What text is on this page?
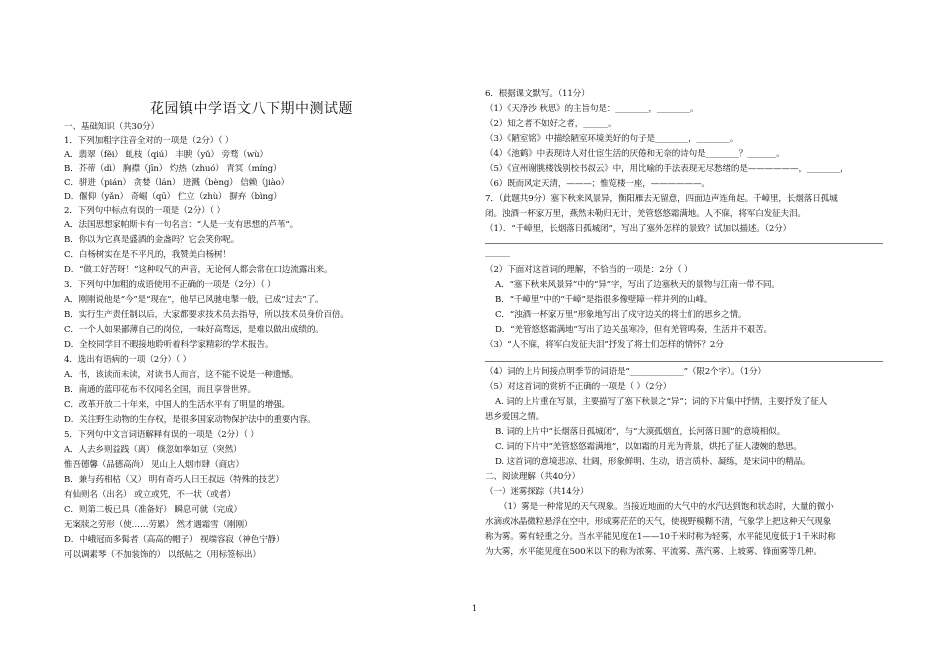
花园镇中学语文八下期中测试题
一、基础知识（共30分）
1．下列加粗字注音全对的一项是（2分）（ ）
A．翡翠（fěi） 虬枝（qiú） 丰腴（yǔ） 旁骛（wù）
B．芥蒂（dì） 胸襟（jīn） 灼热（zhuó） 青冥（míng）
C．骈进（pián） 贪婪（lán） 迸溅（bèng） 信赖（jiào）
D．偃仰（yǎn） 奇崛（qū） 伫立（zhù） 摒弃（bìng）
2．下列句中标点有误的一项是（2分）（ ）
A．法国思想家帕斯卡有一句名言：“人是一支有思想的芦苇”。
B．你以为它真是盛酒的金盏吗？它会笑你呢。
C．白杨树实在是不平凡的，我赞美白杨树！
D．“做工好苦呀！”这种叹气的声音，无论何人都会常在口边流露出来。
3．下列句中加粗的成语使用不正确的一项是（2分）（ ）
A．刚刚说他是“今”是“现在”，他早已风驰电掣一般，已成“过去”了。
B．实行生产责任制以后，大家都要求技术员去指导，所以技术员身价百倍。
C．一个人如果鄙薄自己的岗位，一味好高骛远，是难以做出成绩的。
D．全校同学目不暇接地聆听着科学家精彩的学术报告。
4．选出有语病的一项（2分）（ ）
A．书，该读而未读，对读书人而言，这不能不说是一种遗憾。
B．南通的蓝印花布不仅闻名全国，而且享誉世界。
C．改革开放二十年来，中国人的生活水平有了明显的增强。
D．关注野生动物的生存权，是很多国家动物保护法中的重要内容。
5．下列句中文言词语解释有误的一项是（2分）（ ）
A．人去乡则益践（离） 倏忽如拳如豆（突然）
惟吾德馨（品德高尚） 见山上人烟市肆（商店）
B．兼与药相枯（又） 明有奇巧人曰王叔远（特殊的技艺）
有仙则名（出名） 或立或凭，不一状（或者）
C．则第二板已具（准备好） 瞬息可就（完成）
无案牍之劳形（使……劳累） 然才遇霜雪（刚刚）
D．中峨冠而多髯者（高高的帽子） 视端容寂（神色宁静）
可以调素琴（不加装饰的） 以纸帖之（用标签标出）
6．根据课文默写。（11分）
（1）《天净沙 秋思》的主旨句是：________，________。
（2）知之者不如好之者，______。
（3）《陋室铭》中描绘陋室环境美好的句子是________，________。
（4）《池鹤》中表现诗人对仕宦生活的厌倦和无奈的诗句是________？_______。
（5）《宣州谢朓楼饯别校书叔云》中，用比喻的手法表现无尽愁绪的是——————，________，
（6）既而风定天清，———；惟览楼一座，——————。
7．（此题共9分）塞下秋来风景异，衡阳雁去无留意，四面边声连角起。千嶂里，长烟落日孤城
闭。浊酒一杯家万里，燕然未勒归无计，羌管悠悠霜满地。人不寐，将军白发征夫泪。
（1）．“千嶂里，长烟落日孤城闭”，写出了塞外怎样的景致？试加以描述。（2分）
______
（2）下面对这首词的理解，不恰当的一项是：2分（ ）
A．“塞下秋来风景异”中的“异”字，写出了边塞秋天的景物与江南一带不同。
B．“千嶂里”中的“千嶂”是指很多像壁障一样并列的山峰。
C．“浊酒一杯家万里”形象地写出了戍守边关的将士们的思乡之情。
D．“羌管悠悠霜满地”写出了边关虽寒冷，但有羌管鸣奏，生活并不艰苦。
（3）“人不寐，将军白发征夫泪”抒发了将士们怎样的情怀？2分
（4）词的上片间接点明季节的词语是“_____________”（限2个字）。（1分）
（5）对这首词的赏析不正确的一项是（ ）（2分）
A. 词的上片重在写景，主要描写了塞下秋景之“异”；词的下片集中抒情，主要抒发了征人
思乡爱国之情。
B. 词的上片中“长烟落日孤城闭”，与“大漠孤烟直，长河落日圆”的意境相似。
C. 词的下片中“羌管悠悠霜满地”，以如霜的月光为背景，烘托了征人凄婉的愁思。
D. 这首词的意境悲凉、壮阔，形象鲜明、生动，语言质朴、凝练，是宋词中的精品。
二、阅读理解（共40分）
（一）迷雾探踪（共14分）
（1）雾是一种常见的天气现象。当接近地面的大气中的水汽达到饱和状态时，大量的微小
水滴或冰晶微粒悬浮在空中，形成雾茫茫的天气，使视野模糊不清，气象学上把这种天气现象
称为雾。雾有轻重之分。当水平能见度在1——10千米时称为轻雾，水平能见度低于1千米时称
为大雾，水平能见度在500米以下的称为浓雾、平流雾、蒸汽雾、上坡雾、锋面雾等几种。
1
